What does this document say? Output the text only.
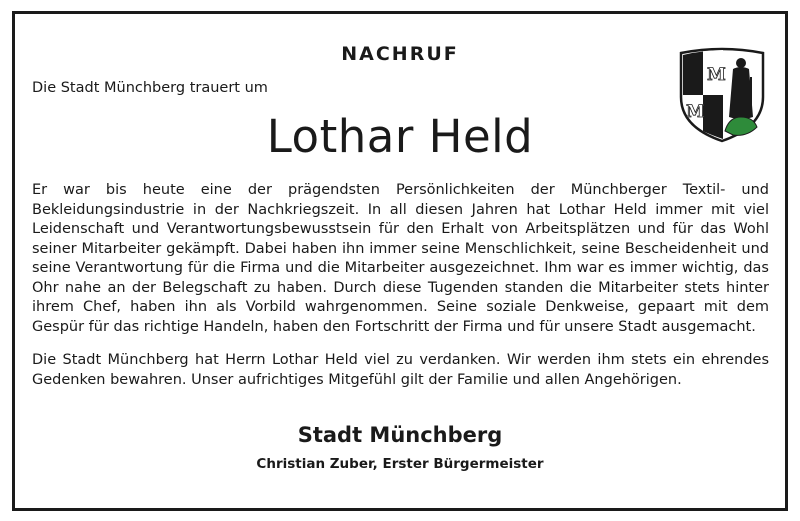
NACHRUF
Die Stadt Münchberg trauert um
Lothar Held

Er war bis heute eine der prägendsten Persönlichkeiten der Münchberger Textil- und Bekleidungsindustrie in der Nachkriegszeit. In all diesen Jahren hat Lothar Held immer mit viel Leidenschaft und Verantwortungsbewusstsein für den Erhalt von Arbeitsplätzen und für das Wohl seiner Mitarbeiter gekämpft. Dabei haben ihn immer seine Menschlichkeit, seine Bescheidenheit und seine Verantwortung für die Firma und die Mitarbeiter ausgezeichnet. Ihm war es immer wichtig, das Ohr nahe an der Belegschaft zu haben. Durch diese Tugenden standen die Mitarbeiter stets hinter ihrem Chef, haben ihn als Vorbild wahrgenommen. Seine soziale Denkweise, gepaart mit dem Gespür für das richtige Handeln, haben den Fortschritt der Firma und für unsere Stadt ausgemacht.

Die Stadt Münchberg hat Herrn Lothar Held viel zu verdanken. Wir werden ihm stets ein ehrendes Gedenken bewahren. Unser aufrichtiges Mitgefühl gilt der Familie und allen Angehörigen.

Stadt Münchberg
Christian Zuber, Erster Bürgermeister
M
M
